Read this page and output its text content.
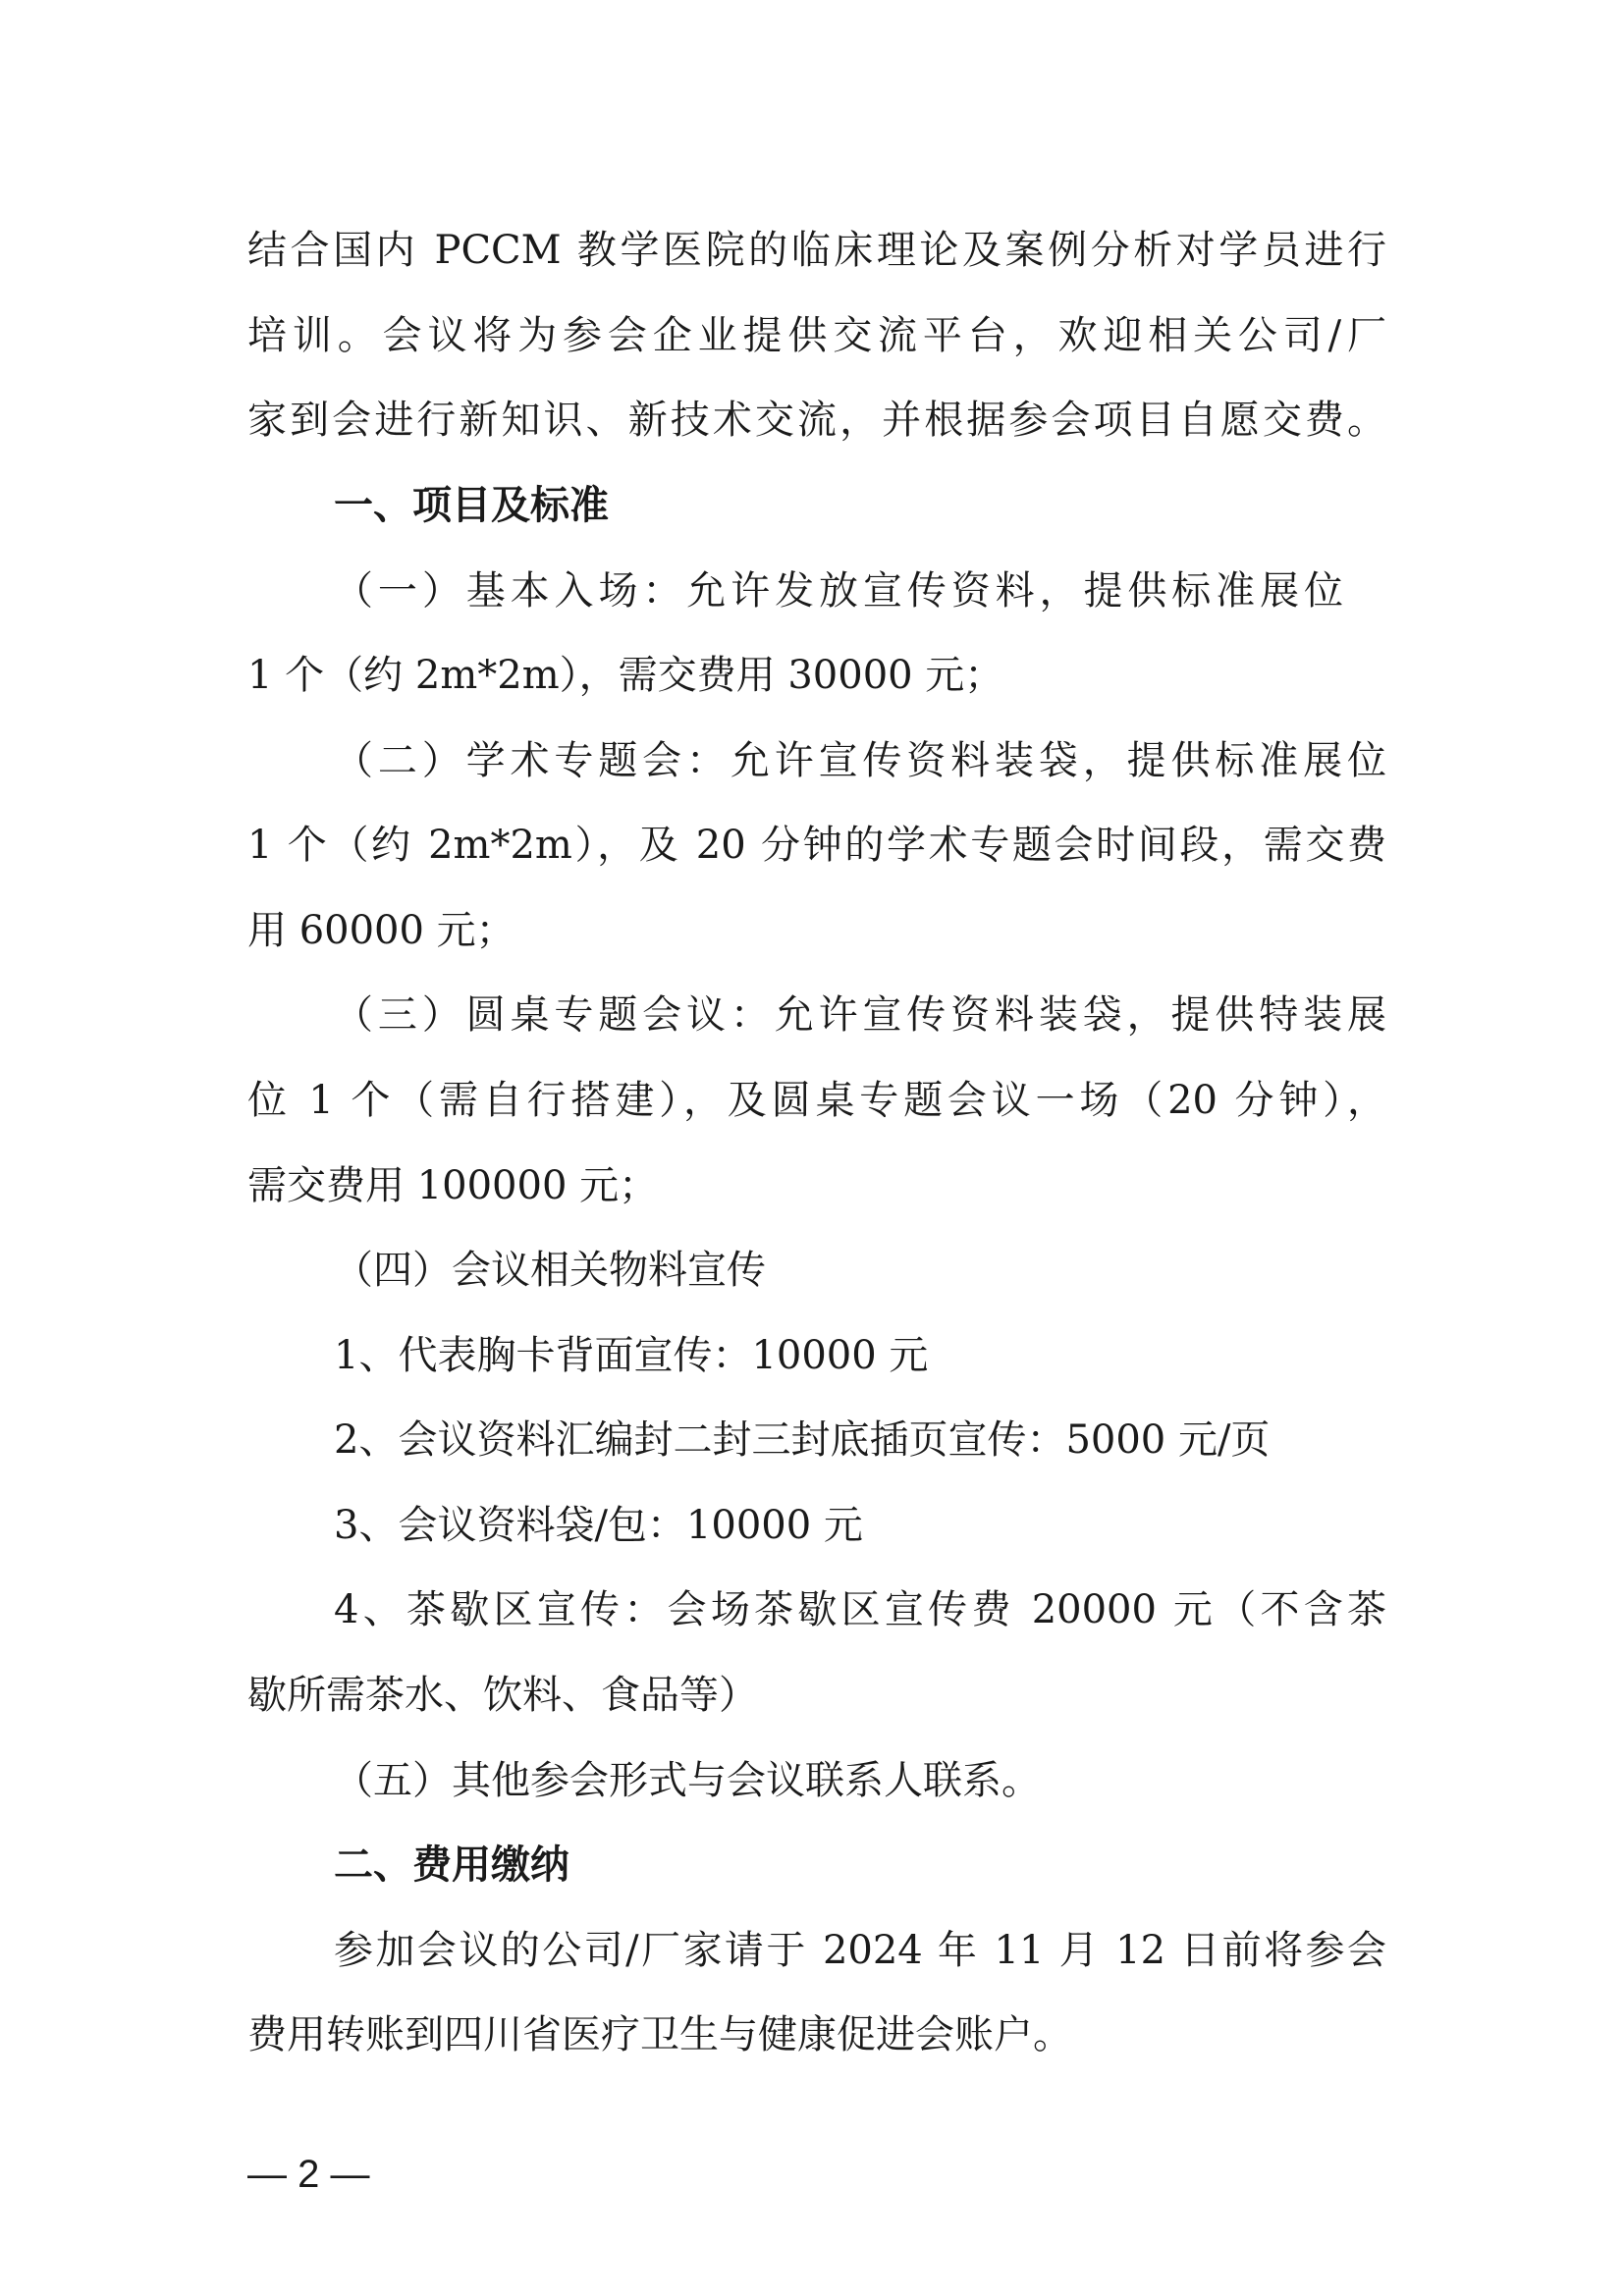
结合国内 PCCM 教学医院的临床理论及案例分析对学员进行

培训。会议将为参会企业提供交流平台，欢迎相关公司/厂

家到会进行新知识、新技术交流，并根据参会项目自愿交费。

一、项目及标准

（一）基本入场：允许发放宣传资料，提供标准展位

1 个（约 2m*2m），需交费用 30000 元；

（二）学术专题会：允许宣传资料装袋，提供标准展位

1 个（约 2m*2m），及 20 分钟的学术专题会时间段，需交费

用 60000 元；

（三）圆桌专题会议：允许宣传资料装袋，提供特装展

位 1 个（需自行搭建），及圆桌专题会议一场（20 分钟），

需交费用 100000 元；

（四）会议相关物料宣传

1、代表胸卡背面宣传：10000 元

2、会议资料汇编封二封三封底插页宣传：5000 元/页

3、会议资料袋/包：10000 元

4、茶歇区宣传：会场茶歇区宣传费 20000 元（不含茶

歇所需茶水、饮料、食品等）

（五）其他参会形式与会议联系人联系。

二、费用缴纳

参加会议的公司/厂家请于 2024 年 11 月 12 日前将参会

费用转账到四川省医疗卫生与健康促进会账户。

— 2 —
